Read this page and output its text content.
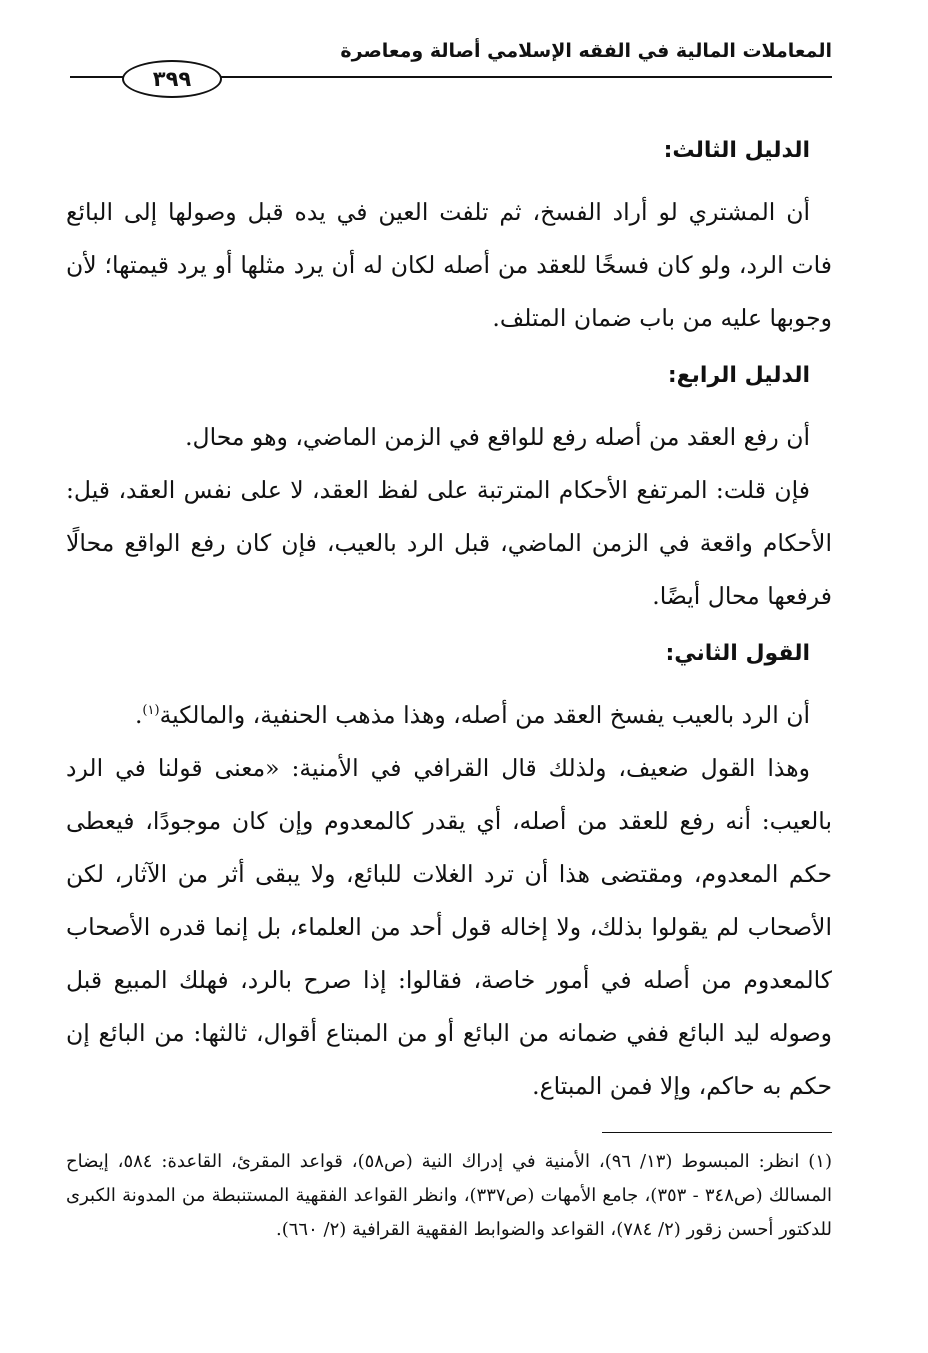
المعاملات المالية في الفقه الإسلامي أصالة ومعاصرة
٣٩٩
الدليل الثالث:

أن المشتري لو أراد الفسخ، ثم تلفت العين في يده قبل وصولها إلى البائع فات الرد، ولو كان فسخًا للعقد من أصله لكان له أن يرد مثلها أو يرد قيمتها؛ لأن وجوبها عليه من باب ضمان المتلف.

الدليل الرابع:

أن رفع العقد من أصله رفع للواقع في الزمن الماضي، وهو محال.

فإن قلت: المرتفع الأحكام المترتبة على لفظ العقد، لا على نفس العقد، قيل: الأحكام واقعة في الزمن الماضي، قبل الرد بالعيب، فإن كان رفع الواقع محالًا فرفعها محال أيضًا.

القول الثاني:

أن الرد بالعيب يفسخ العقد من أصله، وهذا مذهب الحنفية، والمالكية$^{(١)}$.

وهذا القول ضعيف، ولذلك قال القرافي في الأمنية: «معنى قولنا في الرد بالعيب: أنه رفع للعقد من أصله، أي يقدر كالمعدوم وإن كان موجودًا، فيعطى حكم المعدوم، ومقتضى هذا أن ترد الغلات للبائع، ولا يبقى أثر من الآثار، لكن الأصحاب لم يقولوا بذلك، ولا إخاله قول أحد من العلماء، بل إنما قدره الأصحاب كالمعدوم من أصله في أمور خاصة، فقالوا: إذا صرح بالرد، فهلك المبيع قبل وصوله ليد البائع ففي ضمانه من البائع أو من المبتاع أقوال، ثالثها: من البائع إن حكم به حاكم، وإلا فمن المبتاع.

(١) انظر: المبسوط (١٣/ ٩٦)، الأمنية في إدراك النية (ص٥٨)، قواعد المقرئ، القاعدة: ٥٨٤، إيضاح المسالك (ص٣٤٨ - ٣٥٣)، جامع الأمهات (ص٣٣٧)، وانظر القواعد الفقهية المستنبطة من المدونة الكبرى للدكتور أحسن زقور (٢/ ٧٨٤)، القواعد والضوابط الفقهية القرافية (٢/ ٦٦٠).
